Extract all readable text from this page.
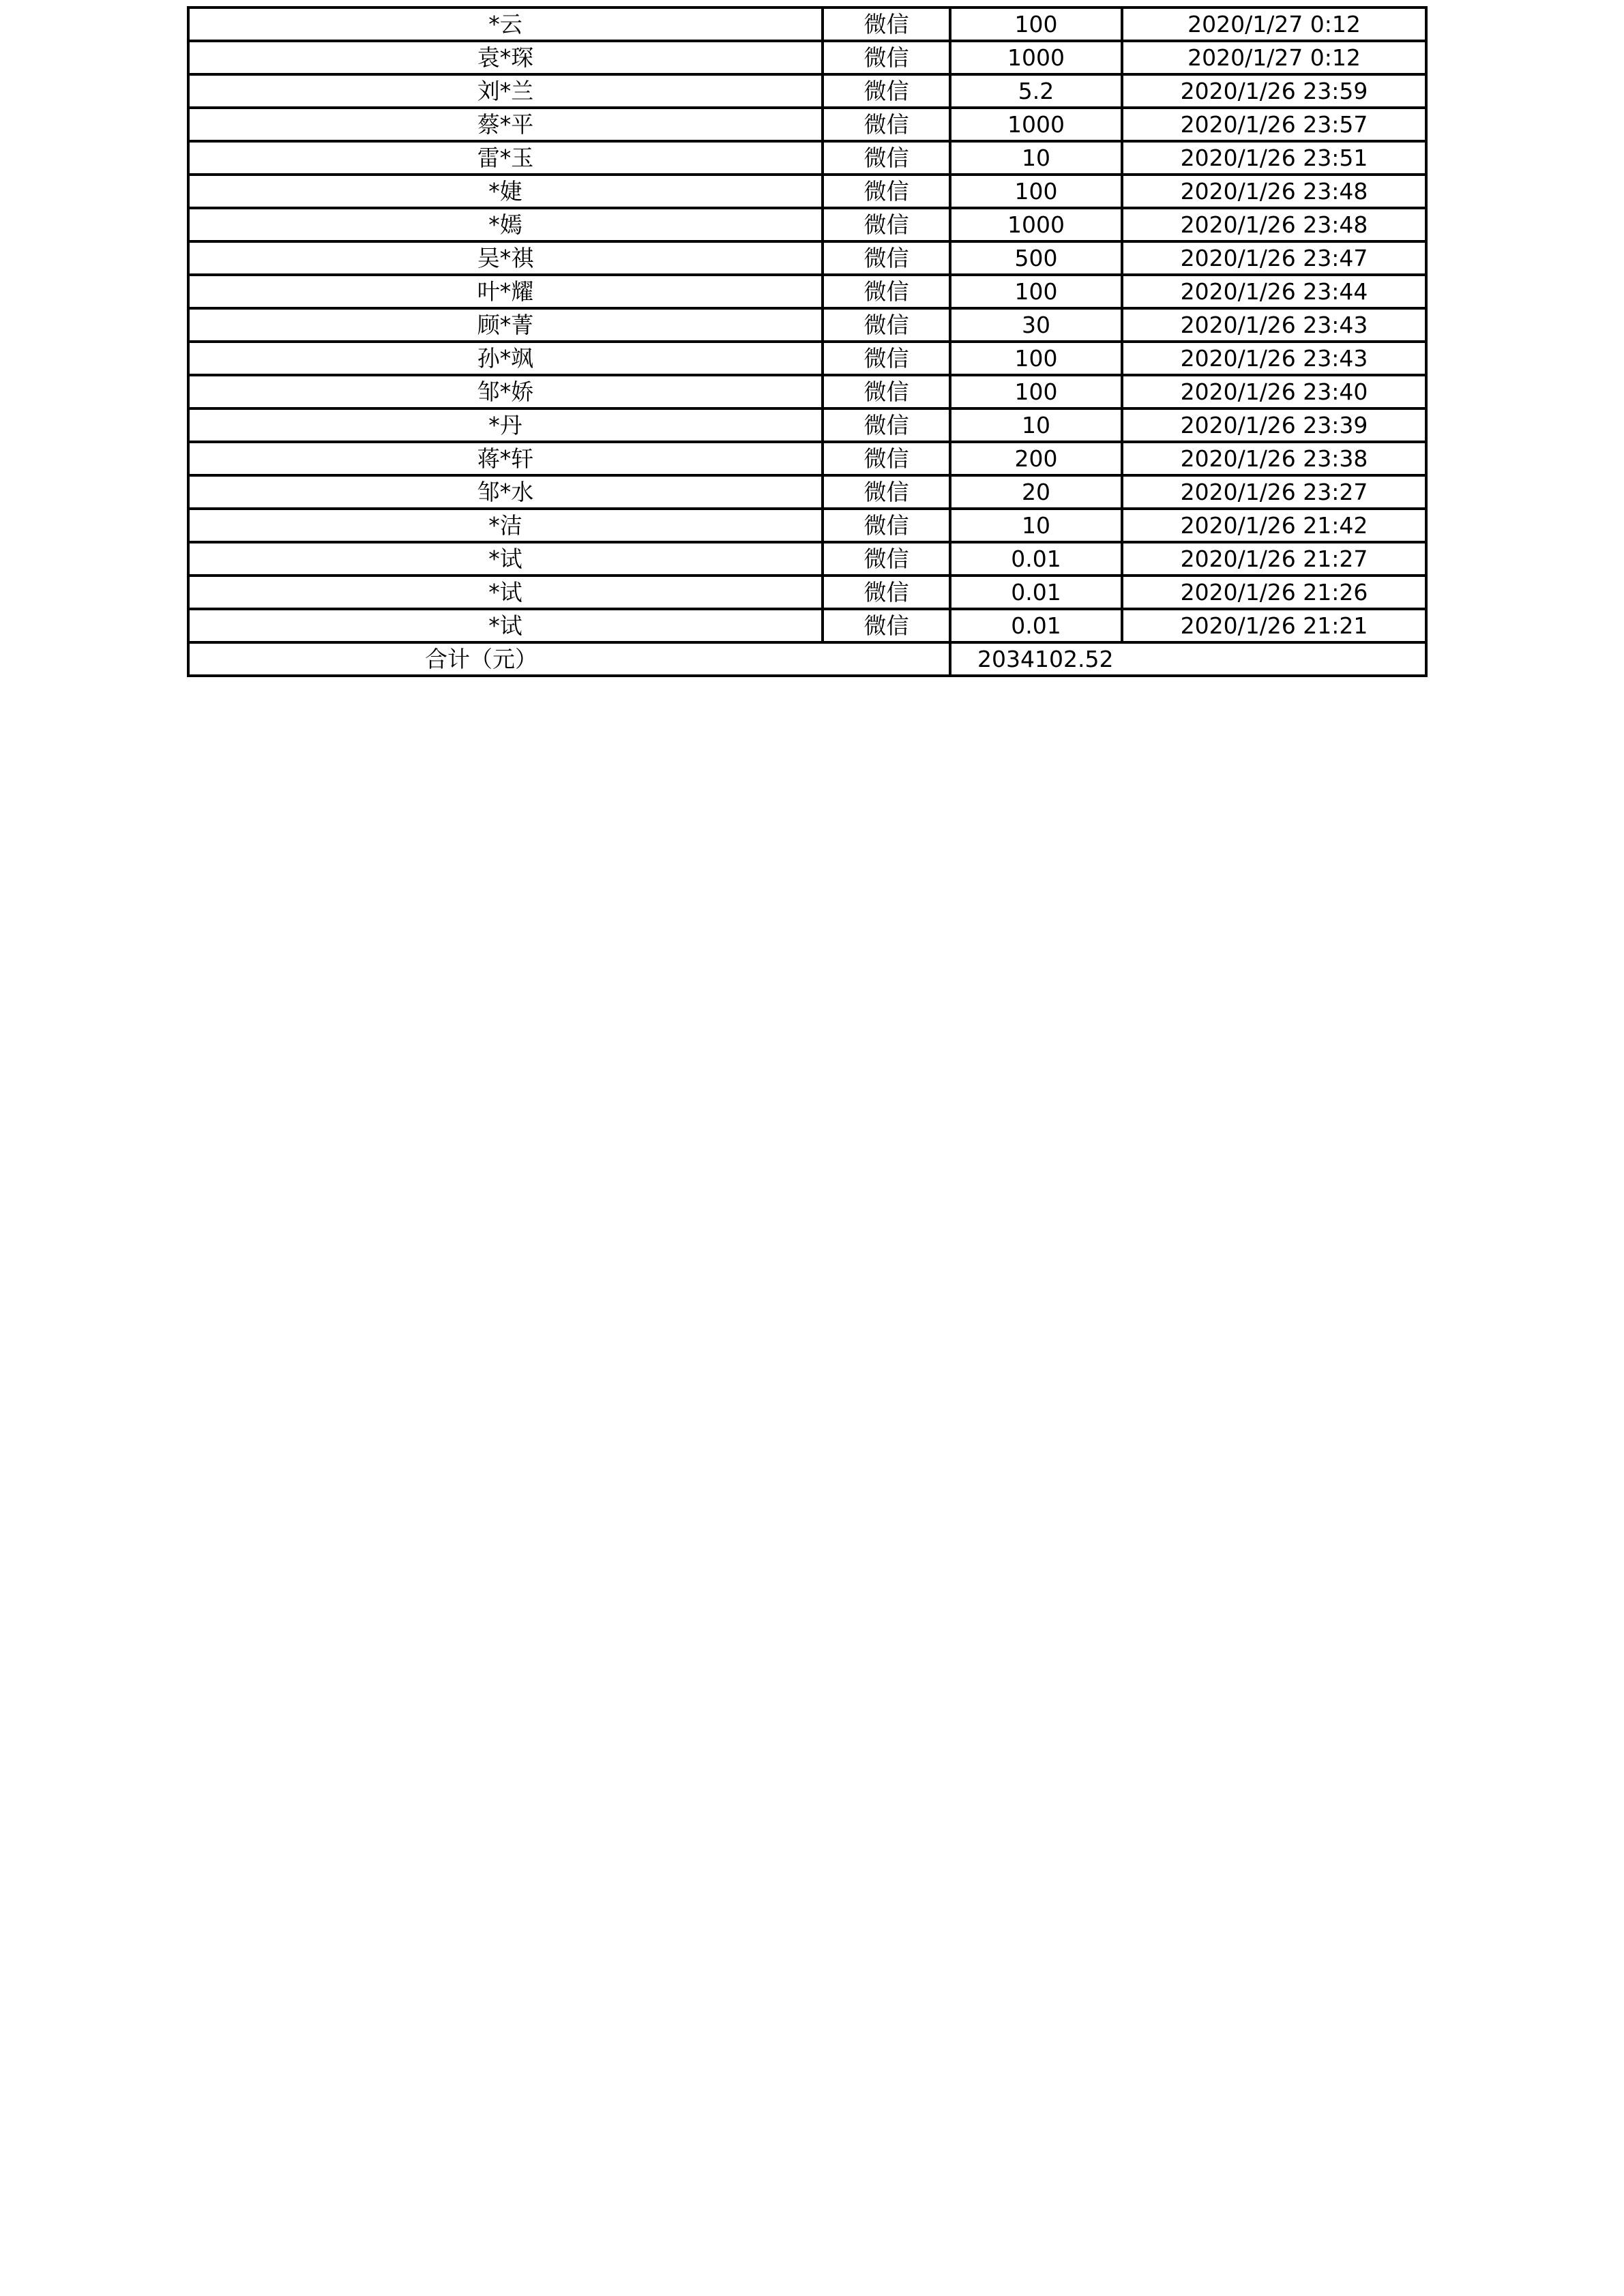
*云	微信	100	2020/1/27 0:12
袁*琛	微信	1000	2020/1/27 0:12
刘*兰	微信	5.2	2020/1/26 23:59
蔡*平	微信	1000	2020/1/26 23:57
雷*玉	微信	10	2020/1/26 23:51
*婕	微信	100	2020/1/26 23:48
*嫣	微信	1000	2020/1/26 23:48
吴*祺	微信	500	2020/1/26 23:47
叶*耀	微信	100	2020/1/26 23:44
顾*菁	微信	30	2020/1/26 23:43
孙*飒	微信	100	2020/1/26 23:43
邹*娇	微信	100	2020/1/26 23:40
*丹	微信	10	2020/1/26 23:39
蒋*轩	微信	200	2020/1/26 23:38
邹*水	微信	20	2020/1/26 23:27
*洁	微信	10	2020/1/26 21:42
*试	微信	0.01	2020/1/26 21:27
*试	微信	0.01	2020/1/26 21:26
*试	微信	0.01	2020/1/26 21:21
合计（元）		2034102.52	
